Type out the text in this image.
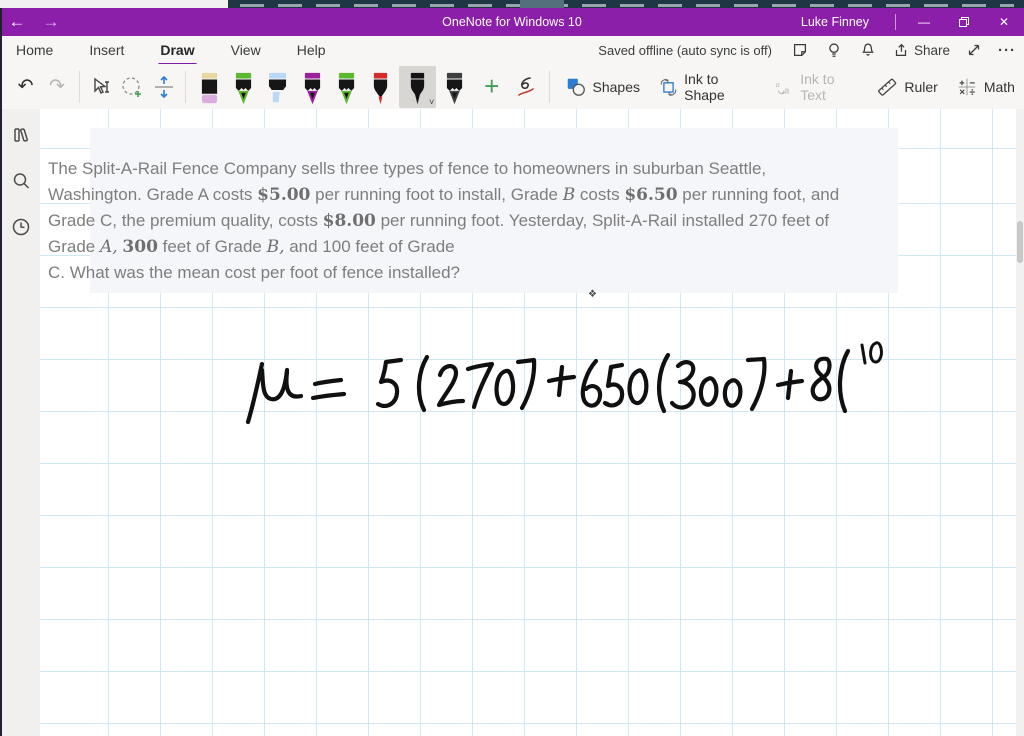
←	→	OneNote for Windows 10	Luke Finney	—	✕
Home	Insert	Draw	View	Help	Saved offline (auto sync is off)	Share	···
↶ ↷
˅
+	Shapes	Ink to Shape
a
a
Ink to Text	Ruler	Math
The Split-A-Rail Fence Company sells three types of fence to homeowners in suburban Seattle,
Washington. Grade A costs $5.00 per running foot to install, Grade B costs $6.50 per running foot, and
Grade C, the premium quality, costs $8.00 per running foot. Yesterday, Split-A-Rail installed 270 feet of
Grade A, 300 feet of Grade B, and 100 feet of Grade
C. What was the mean cost per foot of fence installed?
❖
